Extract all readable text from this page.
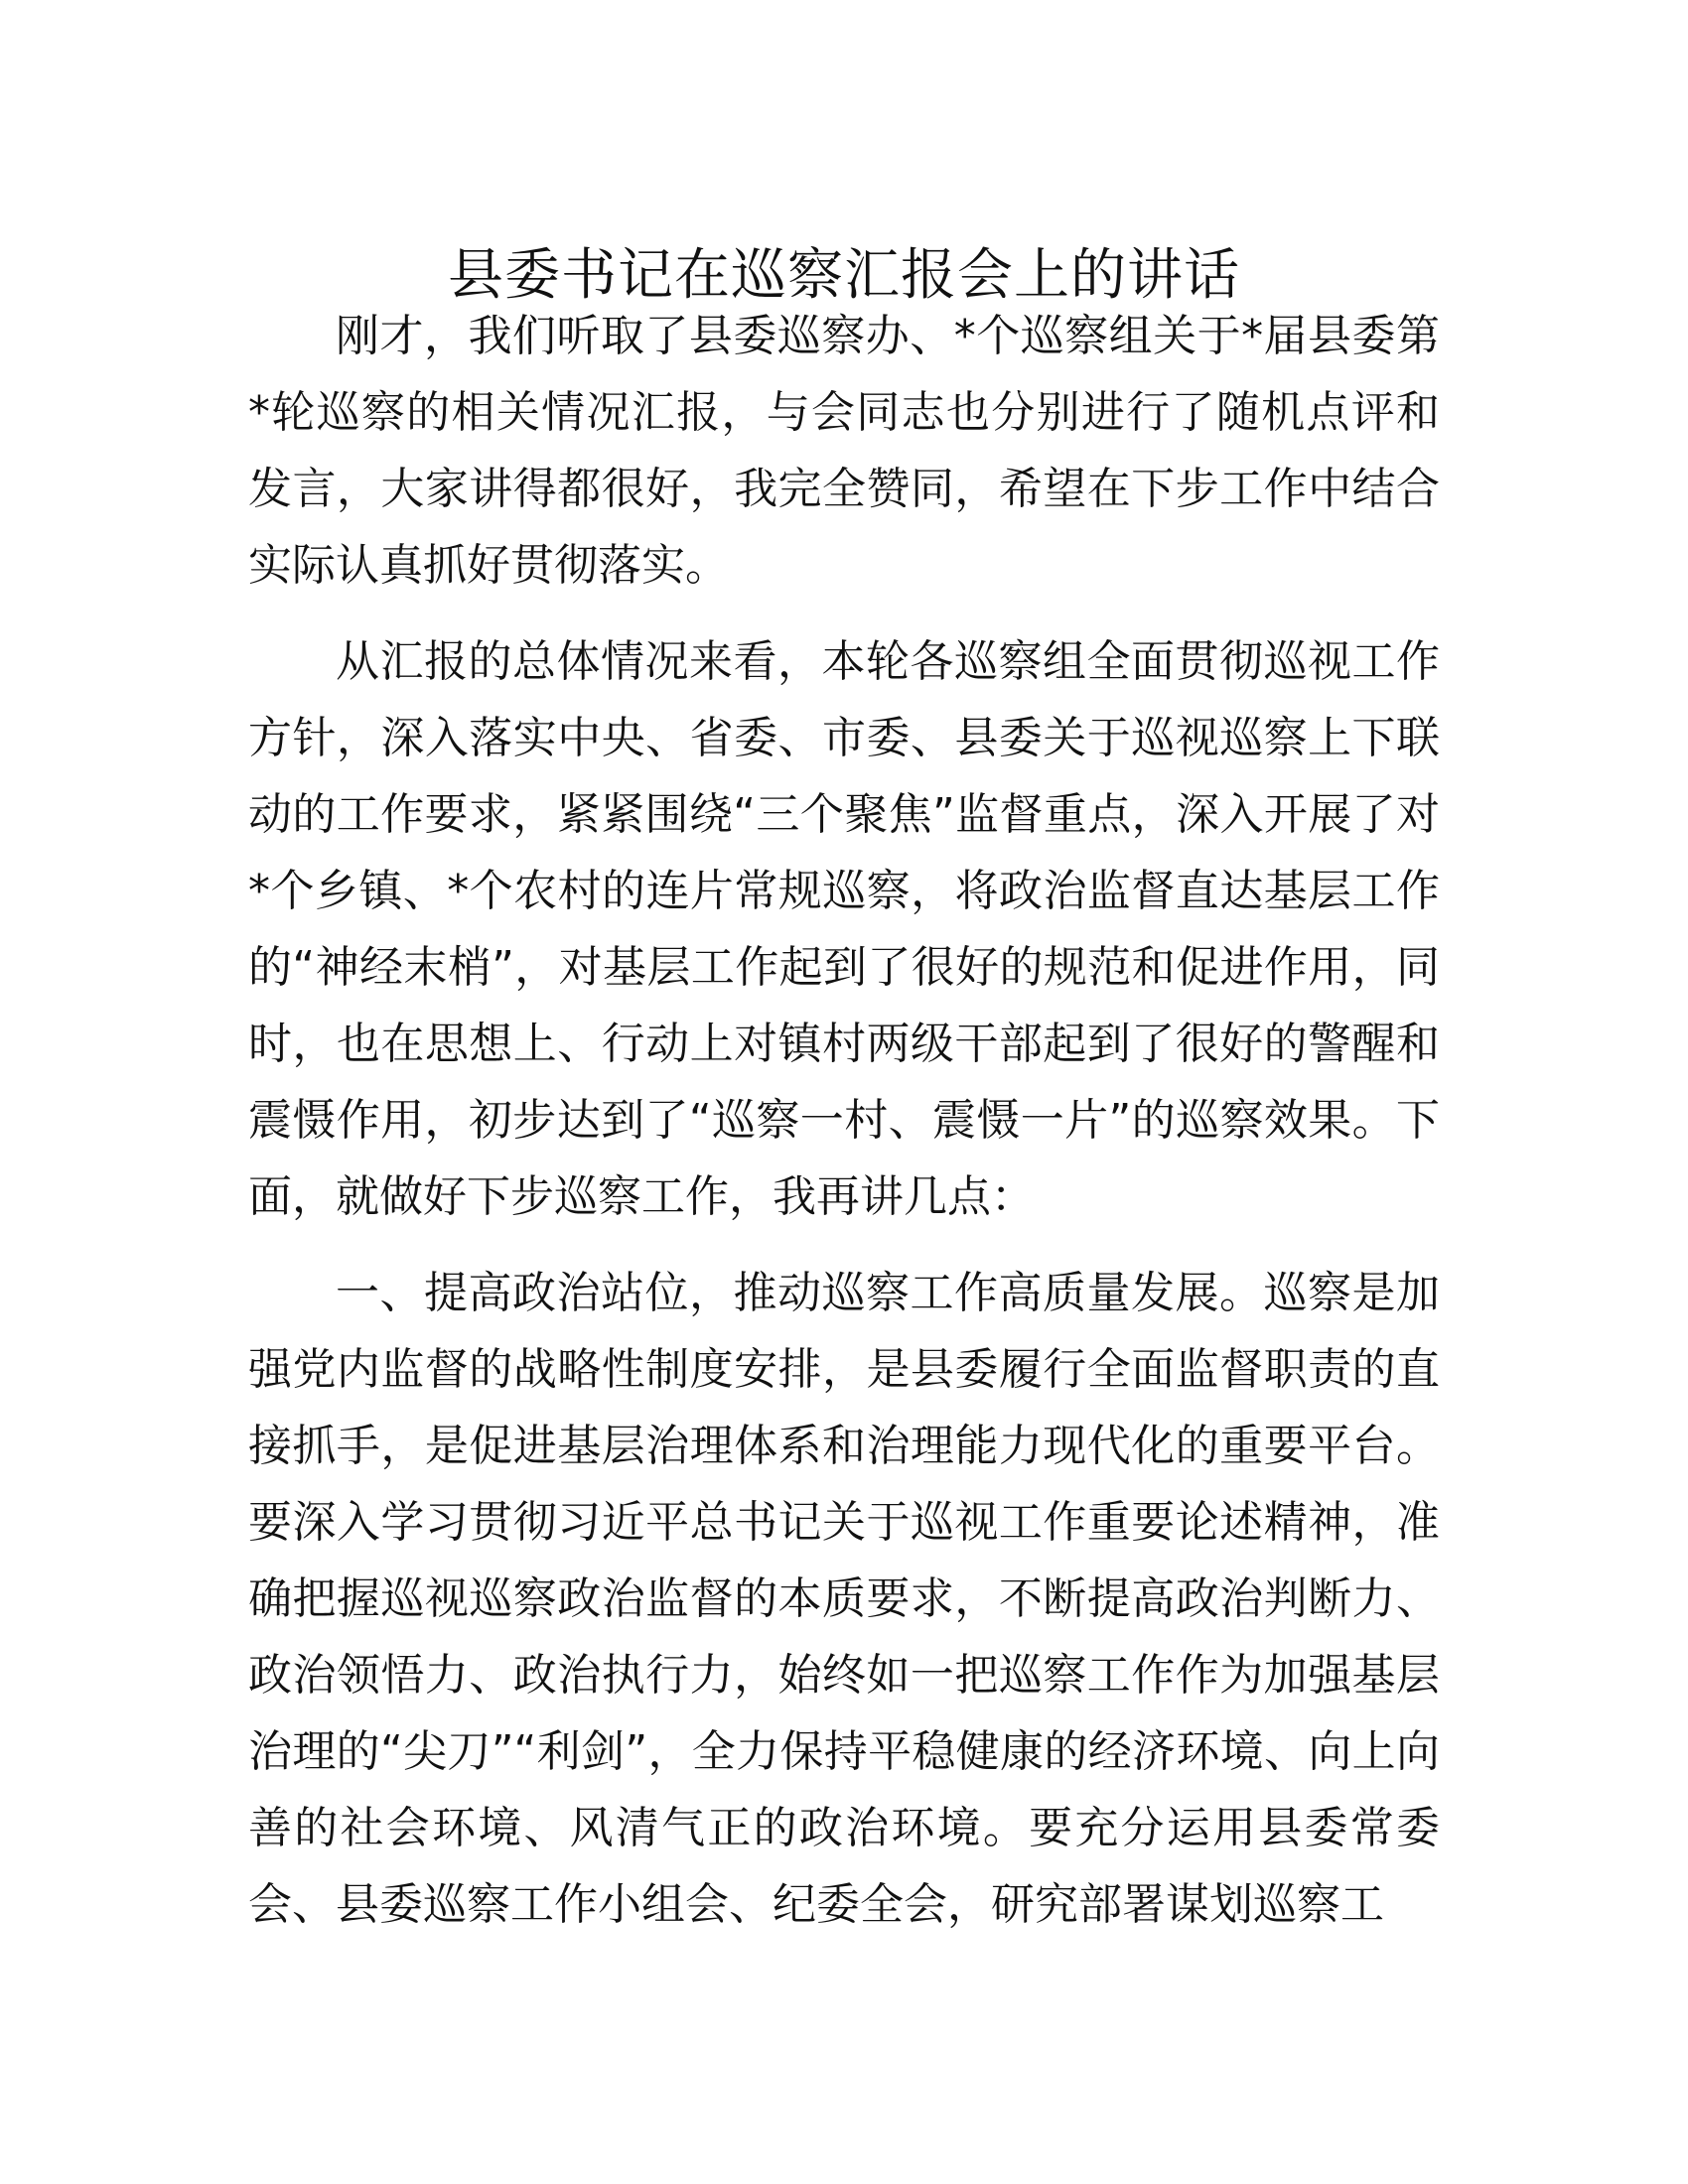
县委书记在巡察汇报会上的讲话

刚才，我们听取了县委巡察办、*个巡察组关于*届县委第*轮巡察的相关情况汇报，与会同志也分别进行了随机点评和发言，大家讲得都很好，我完全赞同，希望在下步工作中结合实际认真抓好贯彻落实。

从汇报的总体情况来看，本轮各巡察组全面贯彻巡视工作方针，深入落实中央、省委、市委、县委关于巡视巡察上下联动的工作要求，紧紧围绕“三个聚焦”监督重点，深入开展了对*个乡镇、*个农村的连片常规巡察，将政治监督直达基层工作的“神经末梢”，对基层工作起到了很好的规范和促进作用，同时，也在思想上、行动上对镇村两级干部起到了很好的警醒和震慑作用，初步达到了“巡察一村、震慑一片”的巡察效果。下面，就做好下步巡察工作，我再讲几点：

一、提高政治站位，推动巡察工作高质量发展。巡察是加强党内监督的战略性制度安排，是县委履行全面监督职责的直接抓手，是促进基层治理体系和治理能力现代化的重要平台。要深入学习贯彻习近平总书记关于巡视工作重要论述精神，准确把握巡视巡察政治监督的本质要求，不断提高政治判断力、政治领悟力、政治执行力，始终如一把巡察工作作为加强基层治理的“尖刀”“利剑”，全力保持平稳健康的经济环境、向上向善的社会环境、风清气正的政治环境。要充分运用县委常委会、县委巡察工作小组会、纪委全会，研究部署谋划巡察工
